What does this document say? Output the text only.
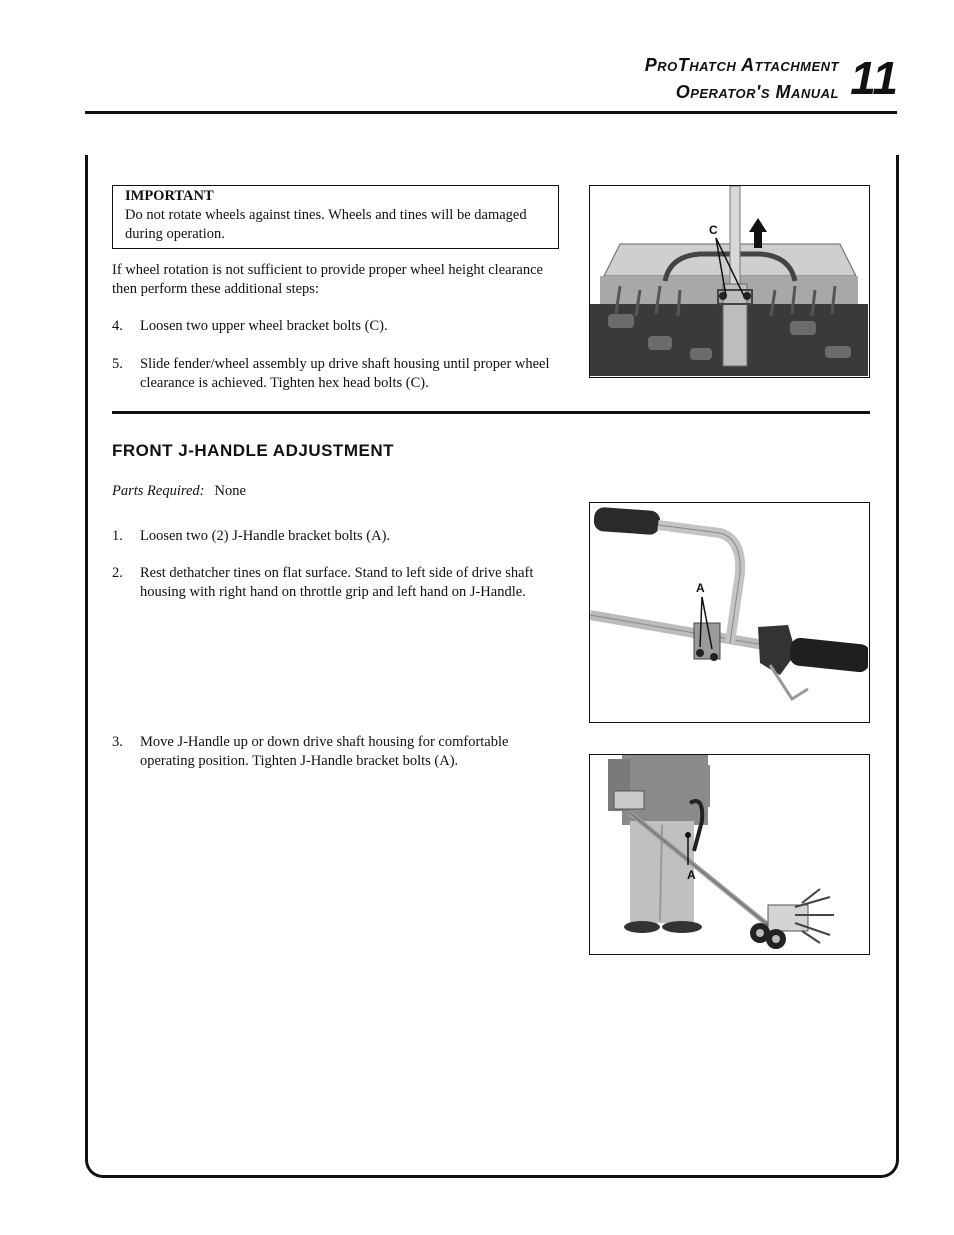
ProThatch Attachment
Operator's Manual 11
IMPORTANT
Do not rotate wheels against tines. Wheels and tines will be damaged during operation.
If wheel rotation is not sufficient to provide proper wheel height clearance then perform these additional steps:
4.	Loosen two upper wheel bracket bolts (C).
5.	Slide fender/wheel assembly up drive shaft housing until proper wheel clearance is achieved. Tighten hex head bolts (C).
C
FRONT J-HANDLE ADJUSTMENT
Parts Required: None
1.	Loosen two (2) J-Handle bracket bolts (A).
2.	Rest dethatcher tines on flat surface. Stand to left side of drive shaft housing with right hand on throttle grip and left hand on J-Handle.
3.	Move J-Handle up or down drive shaft housing for comfortable operating position. Tighten J-Handle bracket bolts (A).
A
A
